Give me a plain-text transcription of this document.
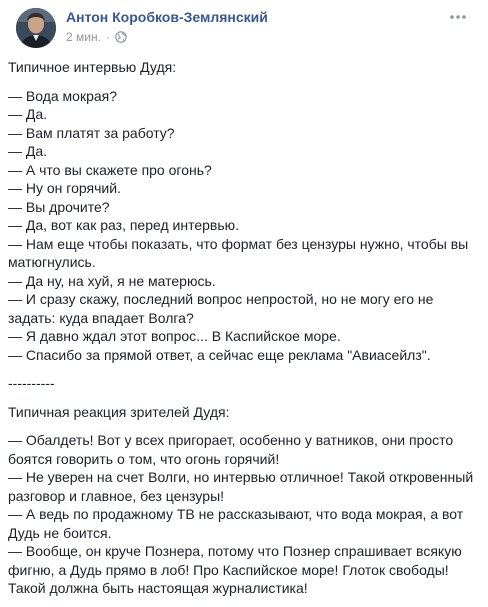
Антон Коробков-Землянский
2 мин. ·

Типичное интервью Дудя:

— Вода мокрая?

— Да.

— Вам платят за работу?

— Да.

— А что вы скажете про огонь?

— Ну он горячий.

— Вы дрочите?

— Да, вот как раз, перед интервью.

— Нам еще чтобы показать, что формат без цензуры нужно, чтобы вы матюгнулись.

— Да ну, на хуй, я не матерюсь.

— И сразу скажу, последний вопрос непростой, но не могу его не задать: куда впадает Волга?

— Я давно ждал этот вопрос... В Каспийское море.

— Спасибо за прямой ответ, а сейчас еще реклама "Авиасейлз".

----------

Типичная реакция зрителей Дудя:

— Обалдеть! Вот у всех пригорает, особенно у ватников, они просто боятся говорить о том, что огонь горячий!

— Не уверен на счет Волги, но интервью отличное! Такой откровенный разговор и главное, без цензуры!

— А ведь по продажному ТВ не рассказывают, что вода мокрая, а вот Дудь не боится.

— Вообще, он круче Познера, потому что Познер спрашивает всякую фигню, а Дудь прямо в лоб! Про Каспийское море! Глоток свободы! Такой должна быть настоящая журналистика!
